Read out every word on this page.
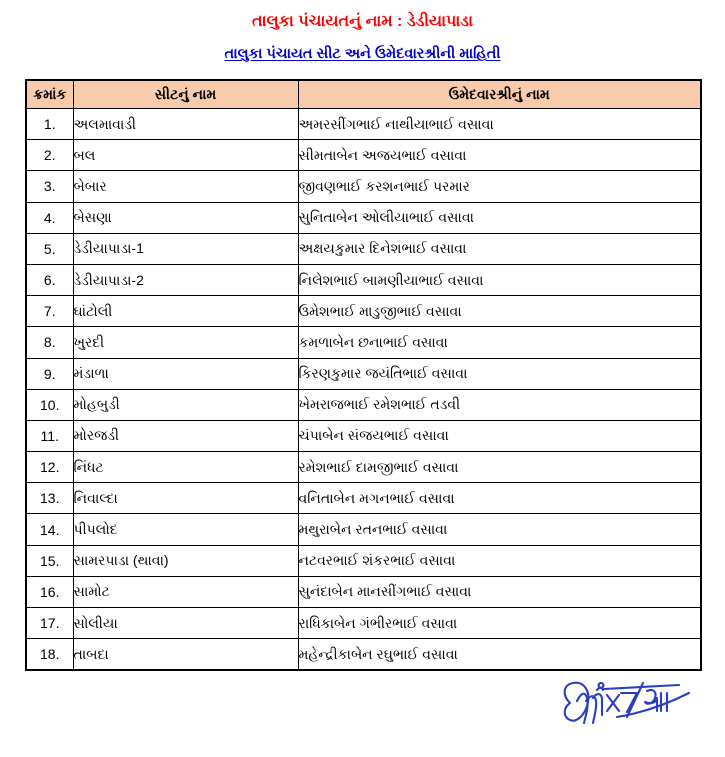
તાલુકા પંચાયતનું નામ : ડેડીયાપાડા
તાલુકા પંચાયત સીટ અને ઉમેદવારશ્રીની માહિતી
ક્રમાંક	સીટનું નામ	ઉમેદવારશ્રીનું નામ
1.	અલમાવાડી	અમરસીંગભાઈ નાથીયાભાઈ વસાવા
2.	બલ	સીમતાબેન અજયભાઈ વસાવા
3.	બેબાર	જીવણભાઈ કરશનભાઈ પરમાર
4.	બેસણા	સુનિતાબેન ઓલીયાભાઈ વસાવા
5.	ડેડીયાપાડા-1	અક્ષયકુમાર દિનેશભાઈ વસાવા
6.	ડેડીયાપાડા-2	નિલેશભાઈ બામણીયાભાઈ વસાવા
7.	ઘાંટોલી	ઉમેશભાઈ માડુજીભાઈ વસાવા
8.	ખુરદી	કમળાબેન છનાભાઈ વસાવા
9.	મંડાળા	કિરણકુમાર જયંતિભાઈ વસાવા
10.	મોહબુડી	ખેમરાજભાઈ રમેશભાઈ તડવી
11.	મોરજડી	ચંપાબેન સંજયભાઈ વસાવા
12.	નિંધટ	રમેશભાઈ દામજીભાઈ વસાવા
13.	નિવાલ્દા	વનિતાબેન મગનભાઈ વસાવા
14.	પીપલોદ	મથુરાબેન રતનભાઈ વસાવા
15.	સામરપાડા (થાવા)	નટવરભાઈ શંકરભાઈ વસાવા
16.	સામોટ	સુનંદાબેન માનસીંગભાઈ વસાવા
17.	સોલીયા	રાધિકાબેન ગંભીરભાઈ વસાવા
18.	તાબદા	મહેન્દ્રીકાબેન રઘુભાઈ વસાવા
